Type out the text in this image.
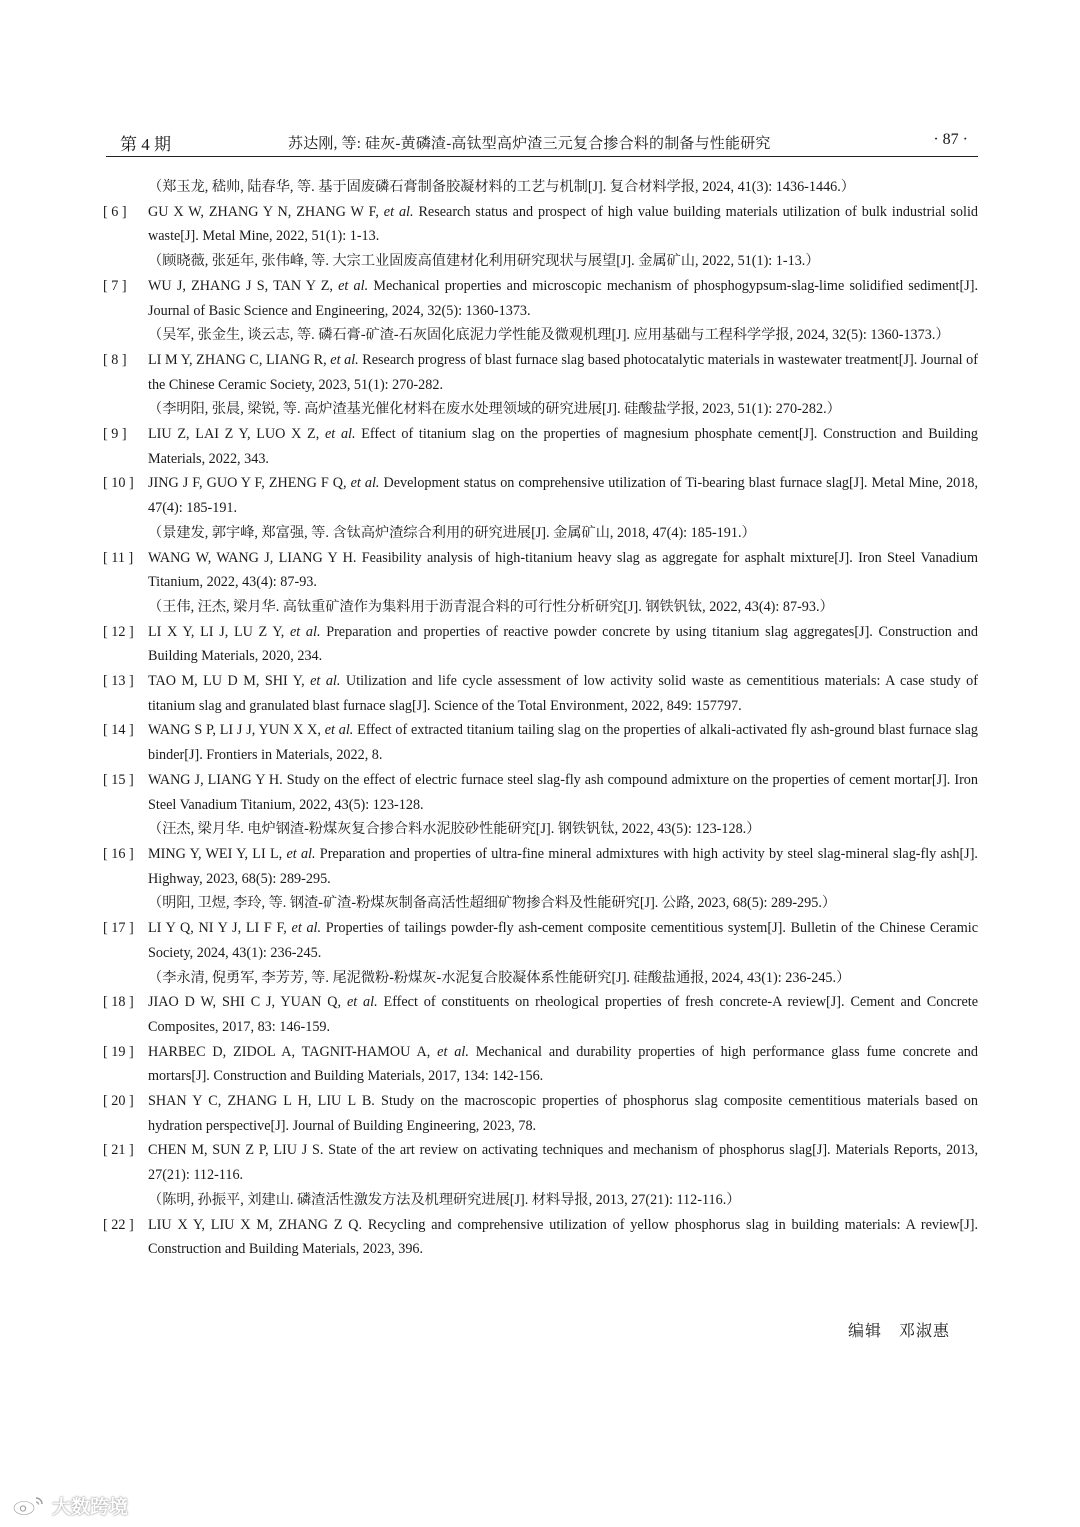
第 4 期	苏达刚, 等: 硅灰-黄磷渣-高钛型高炉渣三元复合掺合料的制备与性能研究	· 87 ·
（郑玉龙, 嵇帅, 陆春华, 等. 基于固废磷石膏制备胶凝材料的工艺与机制[J]. 复合材料学报, 2024, 41(3): 1436-1446.）
[ 6 ] GU X W, ZHANG Y N, ZHANG W F, et al. Research status and prospect of high value building materials utilization of bulk industrial solid waste[J]. Metal Mine, 2022, 51(1): 1-13.
（顾晓薇, 张延年, 张伟峰, 等. 大宗工业固废高值建材化利用研究现状与展望[J]. 金属矿山, 2022, 51(1): 1-13.）
[ 7 ] WU J, ZHANG J S, TAN Y Z, et al. Mechanical properties and microscopic mechanism of phosphogypsum-slag-lime solidified sediment[J]. Journal of Basic Science and Engineering, 2024, 32(5): 1360-1373.
（吴军, 张金生, 谈云志, 等. 磷石膏-矿渣-石灰固化底泥力学性能及微观机理[J]. 应用基础与工程科学学报, 2024, 32(5): 1360-1373.）
[ 8 ] LI M Y, ZHANG C, LIANG R, et al. Research progress of blast furnace slag based photocatalytic materials in wastewater treatment[J]. Journal of the Chinese Ceramic Society, 2023, 51(1): 270-282.
（李明阳, 张晨, 梁锐, 等. 高炉渣基光催化材料在废水处理领域的研究进展[J]. 硅酸盐学报, 2023, 51(1): 270-282.）
[ 9 ] LIU Z, LAI Z Y, LUO X Z, et al. Effect of titanium slag on the properties of magnesium phosphate cement[J]. Construction and Building Materials, 2022, 343.
[ 10 ] JING J F, GUO Y F, ZHENG F Q, et al. Development status on comprehensive utilization of Ti-bearing blast furnace slag[J]. Metal Mine, 2018, 47(4): 185-191.
（景建发, 郭宇峰, 郑富强, 等. 含钛高炉渣综合利用的研究进展[J]. 金属矿山, 2018, 47(4): 185-191.）
[ 11 ] WANG W, WANG J, LIANG Y H. Feasibility analysis of high-titanium heavy slag as aggregate for asphalt mixture[J]. Iron Steel Vanadium Titanium, 2022, 43(4): 87-93.
（王伟, 汪杰, 梁月华. 高钛重矿渣作为集料用于沥青混合料的可行性分析研究[J]. 钢铁钒钛, 2022, 43(4): 87-93.）
[ 12 ] LI X Y, LI J, LU Z Y, et al. Preparation and properties of reactive powder concrete by using titanium slag aggregates[J]. Construction and Building Materials, 2020, 234.
[ 13 ] TAO M, LU D M, SHI Y, et al. Utilization and life cycle assessment of low activity solid waste as cementitious materials: A case study of titanium slag and granulated blast furnace slag[J]. Science of the Total Environment, 2022, 849: 157797.
[ 14 ] WANG S P, LI J J, YUN X X, et al. Effect of extracted titanium tailing slag on the properties of alkali-activated fly ash-ground blast furnace slag binder[J]. Frontiers in Materials, 2022, 8.
[ 15 ] WANG J, LIANG Y H. Study on the effect of electric furnace steel slag-fly ash compound admixture on the properties of cement mortar[J]. Iron Steel Vanadium Titanium, 2022, 43(5): 123-128.
（汪杰, 梁月华. 电炉钢渣-粉煤灰复合掺合料水泥胶砂性能研究[J]. 钢铁钒钛, 2022, 43(5): 123-128.）
[ 16 ] MING Y, WEI Y, LI L, et al. Preparation and properties of ultra-fine mineral admixtures with high activity by steel slag-mineral slag-fly ash[J]. Highway, 2023, 68(5): 289-295.
（明阳, 卫煜, 李玲, 等. 钢渣-矿渣-粉煤灰制备高活性超细矿物掺合料及性能研究[J]. 公路, 2023, 68(5): 289-295.）
[ 17 ] LI Y Q, NI Y J, LI F F, et al. Properties of tailings powder-fly ash-cement composite cementitious system[J]. Bulletin of the Chinese Ceramic Society, 2024, 43(1): 236-245.
（李永清, 倪勇军, 李芳芳, 等. 尾泥微粉-粉煤灰-水泥复合胶凝体系性能研究[J]. 硅酸盐通报, 2024, 43(1): 236-245.）
[ 18 ] JIAO D W, SHI C J, YUAN Q, et al. Effect of constituents on rheological properties of fresh concrete-A review[J]. Cement and Concrete Composites, 2017, 83: 146-159.
[ 19 ] HARBEC D, ZIDOL A, TAGNIT-HAMOU A, et al. Mechanical and durability properties of high performance glass fume concrete and mortars[J]. Construction and Building Materials, 2017, 134: 142-156.
[ 20 ] SHAN Y C, ZHANG L H, LIU L B. Study on the macroscopic properties of phosphorus slag composite cementitious materials based on hydration perspective[J]. Journal of Building Engineering, 2023, 78.
[ 21 ] CHEN M, SUN Z P, LIU J S. State of the art review on activating techniques and mechanism of phosphorus slag[J]. Materials Reports, 2013, 27(21): 112-116.
（陈明, 孙振平, 刘建山. 磷渣活性激发方法及机理研究进展[J]. 材料导报, 2013, 27(21): 112-116.）
[ 22 ] LIU X Y, LIU X M, ZHANG Z Q. Recycling and comprehensive utilization of yellow phosphorus slag in building materials: A review[J]. Construction and Building Materials, 2023, 396.
编辑　邓淑惠
大数跨境
